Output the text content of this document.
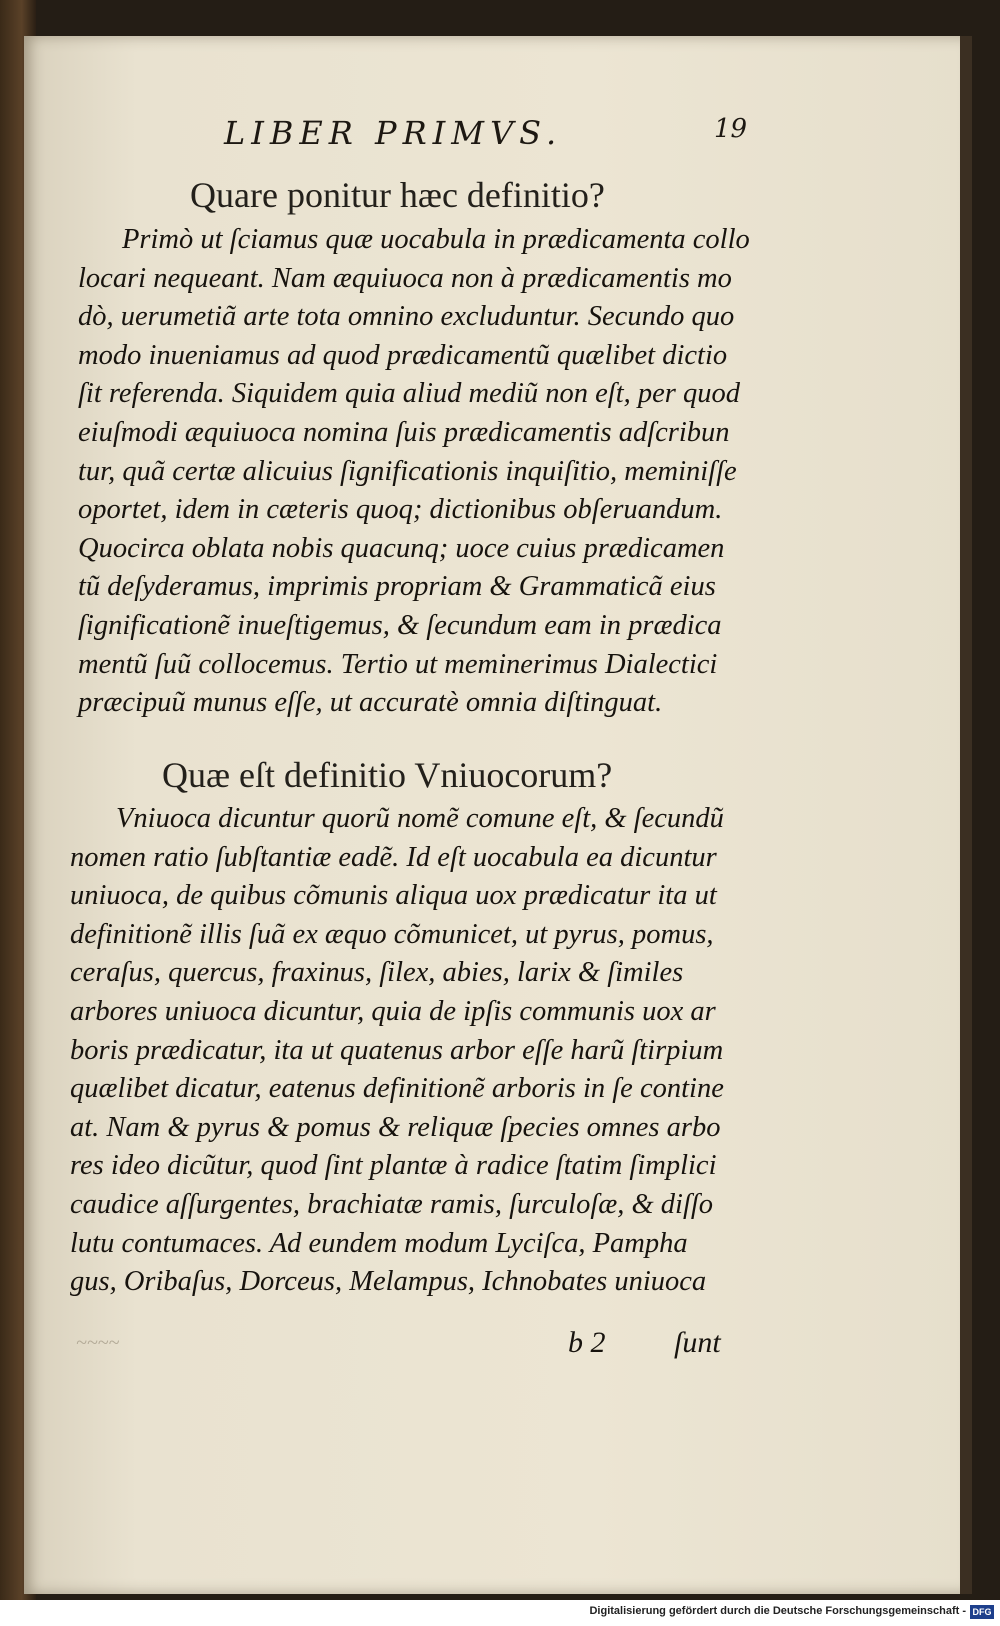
LIBER PRIMVS.	19
Quare ponitur hæc definitio?
Primò ut ſciamus quæ uocabula in prædicamenta collo
locari nequeant. Nam æquiuoca non à prædicamentis mo
dò, uerumetiã arte tota omnino excluduntur. Secundo quo
modo inueniamus ad quod prædicamentũ quælibet dictio
ſit referenda. Siquidem quia aliud mediũ non eſt, per quod
eiuſmodi æquiuoca nomina ſuis prædicamentis adſcribun
tur, quã certæ alicuius ſignificationis inquiſitio, meminiſſe
oportet, idem in cæteris quoq; dictionibus obſeruandum.
Quocirca oblata nobis quacunq; uoce cuius prædicamen
tũ deſyderamus, imprimis propriam & Grammaticã eius
ſignificationẽ inueſtigemus, & ſecundum eam in prædica
mentũ ſuũ collocemus. Tertio ut meminerimus Dialectici
præcipuũ munus eſſe, ut accuratè omnia diſtinguat.
Quæ eſt definitio Vniuocorum?
Vniuoca dicuntur quorũ nomẽ comune eſt, & ſecundũ
nomen ratio ſubſtantiæ eadẽ. Id eſt uocabula ea dicuntur
uniuoca, de quibus cõmunis aliqua uox prædicatur ita ut
definitionẽ illis ſuã ex æquo cõmunicet, ut pyrus, pomus,
ceraſus, quercus, fraxinus, ſilex, abies, larix & ſimiles
arbores uniuoca dicuntur, quia de ipſis communis uox ar
boris prædicatur, ita ut quatenus arbor eſſe harũ ſtirpium
quælibet dicatur, eatenus definitionẽ arboris in ſe contine
at. Nam & pyrus & pomus & reliquæ ſpecies omnes arbo
res ideo dicũtur, quod ſint plantæ à radice ſtatim ſimplici
caudice aſſurgentes, brachiatæ ramis, ſurculoſæ, & diſſo
lutu contumaces. Ad eundem modum Lyciſca, Pampha
gus, Oribaſus, Dorceus, Melampus, Ichnobates uniuoca
~~~~	b 2 ſunt
Digitalisierung gefördert durch die Deutsche Forschungsgemeinschaft - DFG
